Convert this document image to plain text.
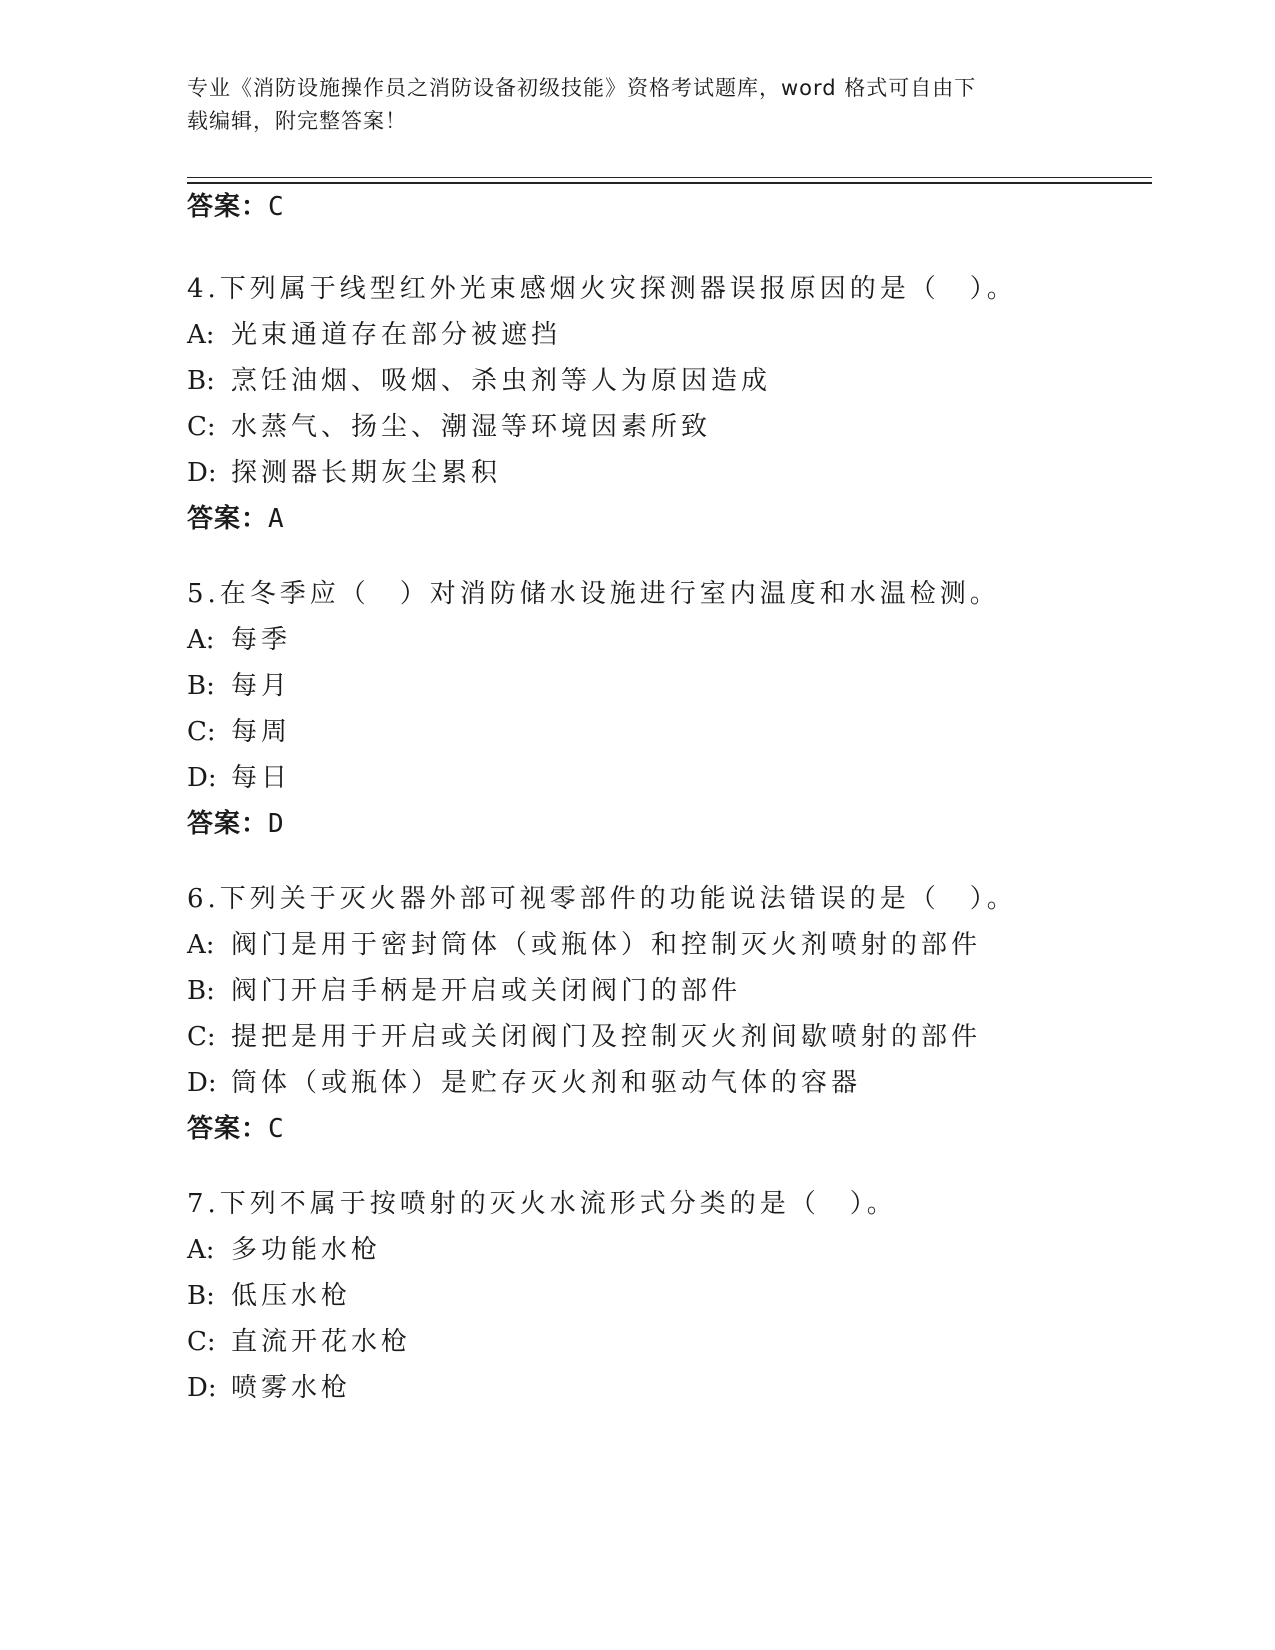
专业《消防设施操作员之消防设备初级技能》资格考试题库，word 格式可自由下
载编辑，附完整答案！
答案：C
4.下列属于线型红外光束感烟火灾探测器误报原因的是（　）。
A: 光束通道存在部分被遮挡
B: 烹饪油烟、吸烟、杀虫剂等人为原因造成
C: 水蒸气、扬尘、潮湿等环境因素所致
D: 探测器长期灰尘累积
答案：A
5.在冬季应（　）对消防储水设施进行室内温度和水温检测。
A: 每季
B: 每月
C: 每周
D: 每日
答案：D
6.下列关于灭火器外部可视零部件的功能说法错误的是（　）。
A: 阀门是用于密封筒体（或瓶体）和控制灭火剂喷射的部件
B: 阀门开启手柄是开启或关闭阀门的部件
C: 提把是用于开启或关闭阀门及控制灭火剂间歇喷射的部件
D: 筒体（或瓶体）是贮存灭火剂和驱动气体的容器
答案：C
7.下列不属于按喷射的灭火水流形式分类的是（　）。
A: 多功能水枪
B: 低压水枪
C: 直流开花水枪
D: 喷雾水枪
